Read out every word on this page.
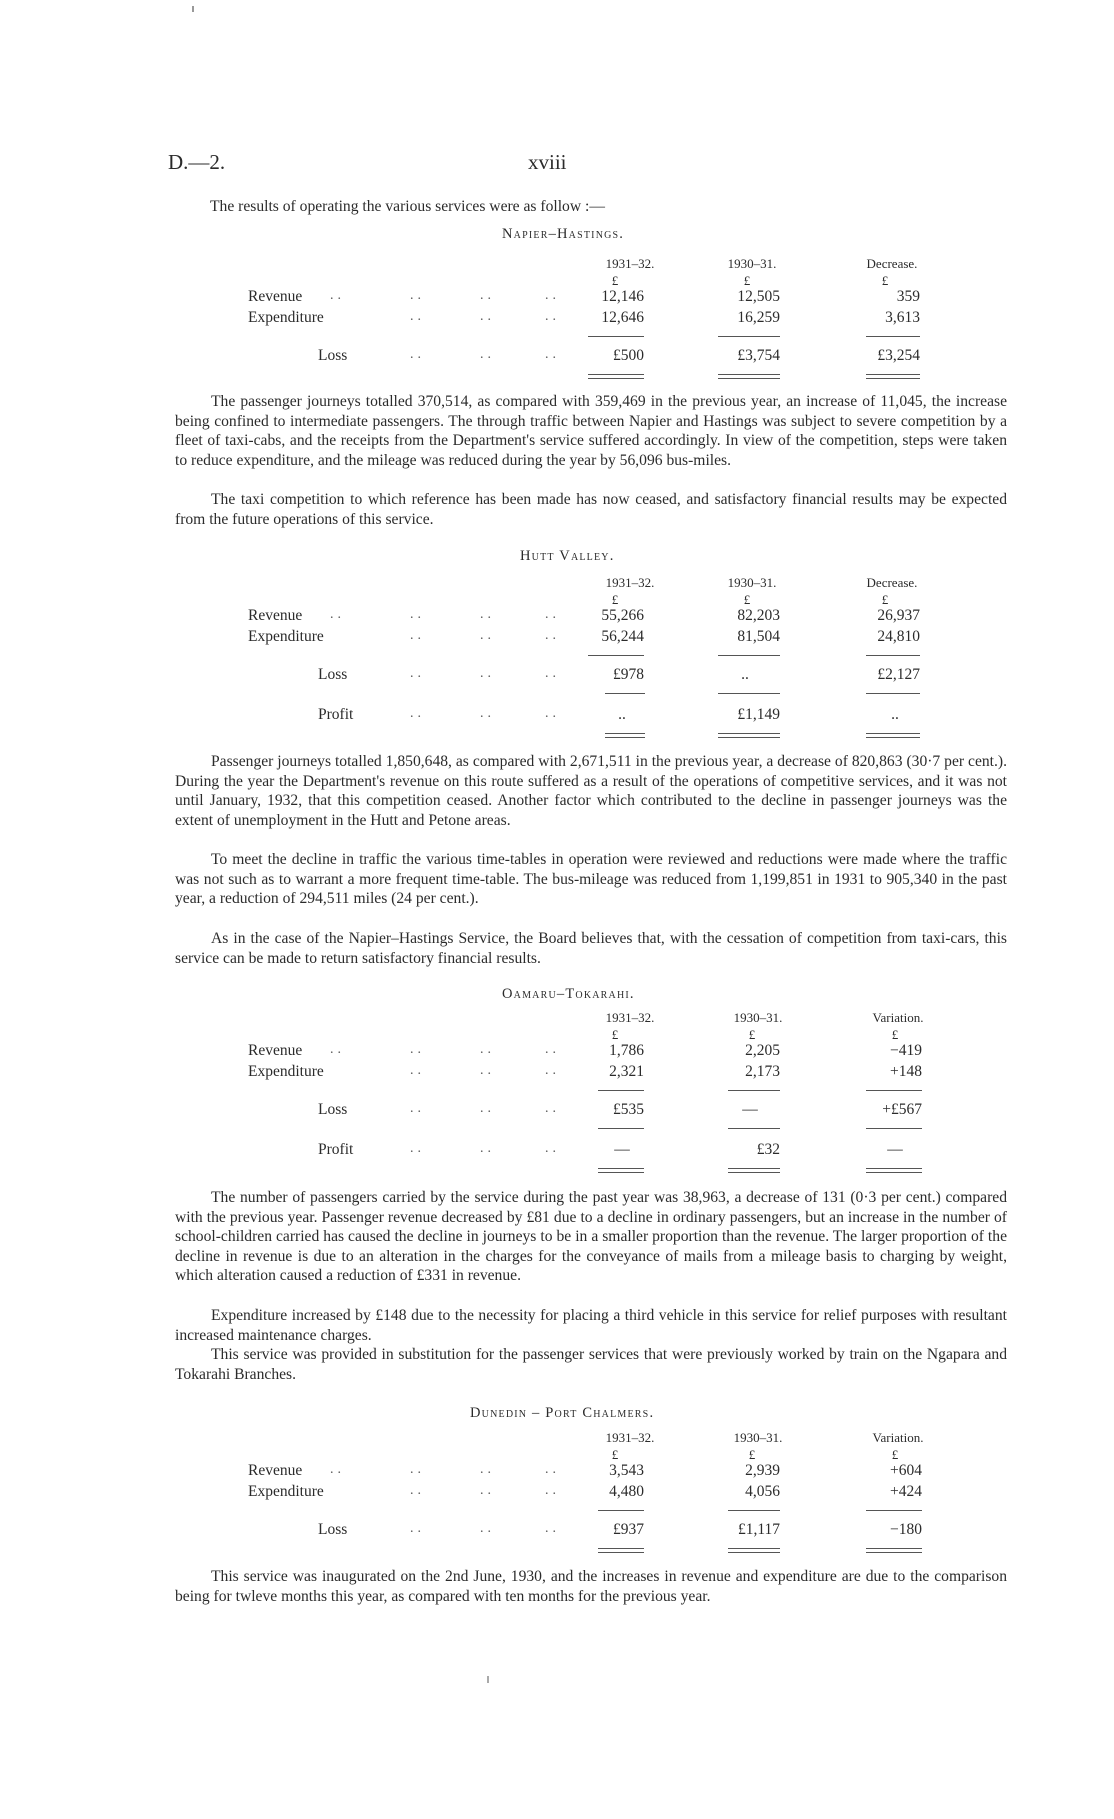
D.—2.	xviii
The results of operating the various services were as follow :—
Napier–Hastings.
1931–32.	1930–31.	Decrease.
£	£	£
Revenue ..	..	..	..	12,146	12,505	359
Expenditure	..	..	..	12,646	16,259	3,613
Loss	..	..	..	£500	£3,754	£3,254
The passenger journeys totalled 370,514, as compared with 359,469 in the previous year, an increase of 11,045, the increase being confined to intermediate passengers. The through traffic between Napier and Hastings was subject to severe competition by a fleet of taxi-cabs, and the receipts from the Department's service suffered accordingly. In view of the competition, steps were taken to reduce expenditure, and the mileage was reduced during the year by 56,096 bus-miles.
The taxi competition to which reference has been made has now ceased, and satisfactory financial results may be expected from the future operations of this service.
Hutt Valley.
1931–32.	1930–31.	Decrease.
£	£	£
Revenue ..	..	..	..	55,266	82,203	26,937
Expenditure	..	..	..	56,244	81,504	24,810
Loss	..	..	..	£978	..	£2,127
Profit	..	..	..	..	£1,149	..
Passenger journeys totalled 1,850,648, as compared with 2,671,511 in the previous year, a decrease of 820,863 (30·7 per cent.). During the year the Department's revenue on this route suffered as a result of the operations of competitive services, and it was not until January, 1932, that this competition ceased. Another factor which contributed to the decline in passenger journeys was the extent of unemployment in the Hutt and Petone areas.
To meet the decline in traffic the various time-tables in operation were reviewed and reductions were made where the traffic was not such as to warrant a more frequent time-table. The bus-mileage was reduced from 1,199,851 in 1931 to 905,340 in the past year, a reduction of 294,511 miles (24 per cent.).
As in the case of the Napier–Hastings Service, the Board believes that, with the cessation of competition from taxi-cars, this service can be made to return satisfactory financial results.
Oamaru–Tokarahi.
1931–32.	1930–31.	Variation.
£	£	£
Revenue ..	..	..	..	1,786	2,205	−419
Expenditure	..	..	..	2,321	2,173	+148
Loss	..	..	..	£535	—	+£567
Profit	..	..	..	—	£32	—
The number of passengers carried by the service during the past year was 38,963, a decrease of 131 (0·3 per cent.) compared with the previous year. Passenger revenue decreased by £81 due to a decline in ordinary passengers, but an increase in the number of school-children carried has caused the decline in journeys to be in a smaller proportion than the revenue. The larger proportion of the decline in revenue is due to an alteration in the charges for the conveyance of mails from a mileage basis to charging by weight, which alteration caused a reduction of £331 in revenue.
Expenditure increased by £148 due to the necessity for placing a third vehicle in this service for relief purposes with resultant increased maintenance charges.
This service was provided in substitution for the passenger services that were previously worked by train on the Ngapara and Tokarahi Branches.
Dunedin – Port Chalmers.
1931–32.	1930–31.	Variation.
£	£	£
Revenue ..	..	..	..	3,543	2,939	+604
Expenditure	..	..	..	4,480	4,056	+424
Loss	..	..	..	£937	£1,117	−180
This service was inaugurated on the 2nd June, 1930, and the increases in revenue and expenditure are due to the comparison being for twleve months this year, as compared with ten months for the previous year.
